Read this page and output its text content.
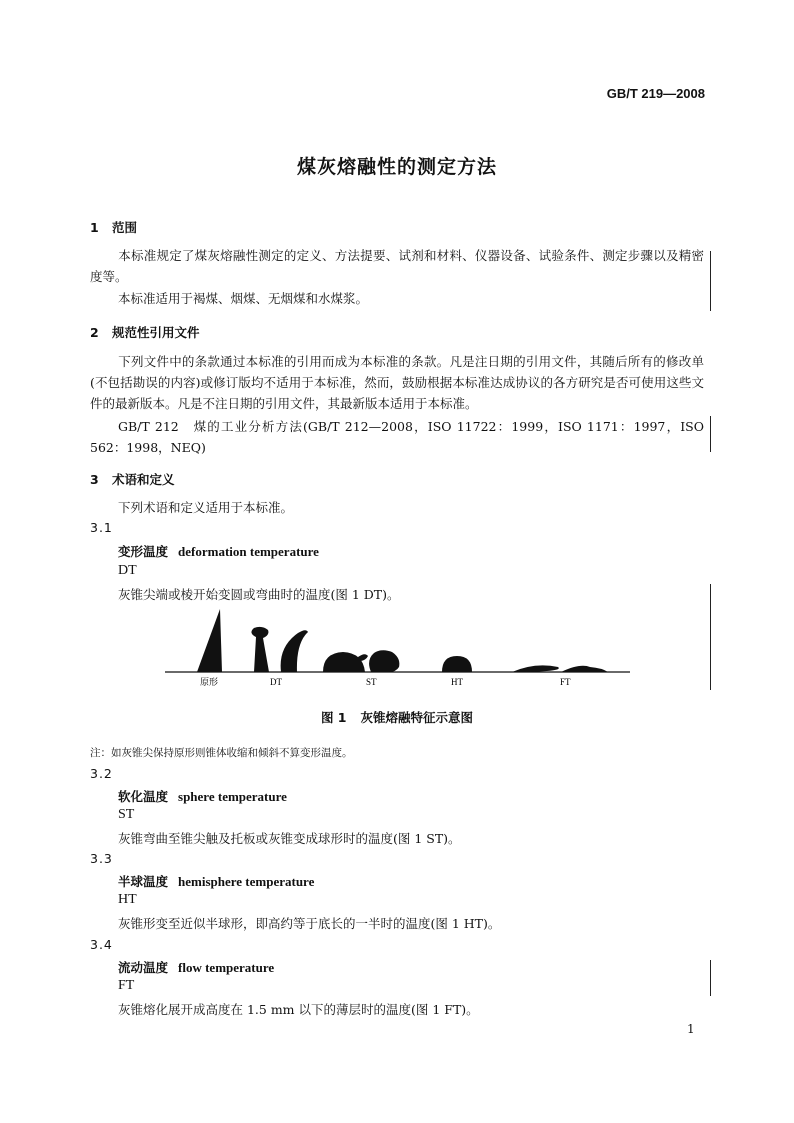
GB/T 219—2008
煤灰熔融性的测定方法
1 范围
本标准规定了煤灰熔融性测定的定义、方法提要、试剂和材料、仪器设备、试验条件、测定步骤以及精密度等。
本标准适用于褐煤、烟煤、无烟煤和水煤浆。
2 规范性引用文件
下列文件中的条款通过本标准的引用而成为本标准的条款。凡是注日期的引用文件，其随后所有的修改单(不包括勘误的内容)或修订版均不适用于本标准，然而，鼓励根据本标准达成协议的各方研究是否可使用这些文件的最新版本。凡是不注日期的引用文件，其最新版本适用于本标准。
GB/T 212　煤的工业分析方法(GB/T 212—2008，ISO 11722：1999，ISO 1171：1997，ISO 562：1998，NEQ)
3 术语和定义
下列术语和定义适用于本标准。
3.1
变形温度 deformation temperature
DT
灰锥尖端或棱开始变圆或弯曲时的温度(图 1 DT)。
原形	DT	ST	HT	FT
图 1 灰锥熔融特征示意图
注：如灰锥尖保持原形则锥体收缩和倾斜不算变形温度。
3.2
软化温度 sphere temperature
ST
灰锥弯曲至锥尖触及托板或灰锥变成球形时的温度(图 1 ST)。
3.3
半球温度 hemisphere temperature
HT
灰锥形变至近似半球形，即高约等于底长的一半时的温度(图 1 HT)。
3.4
流动温度 flow temperature
FT
灰锥熔化展开成高度在 1.5 mm 以下的薄层时的温度(图 1 FT)。
1
